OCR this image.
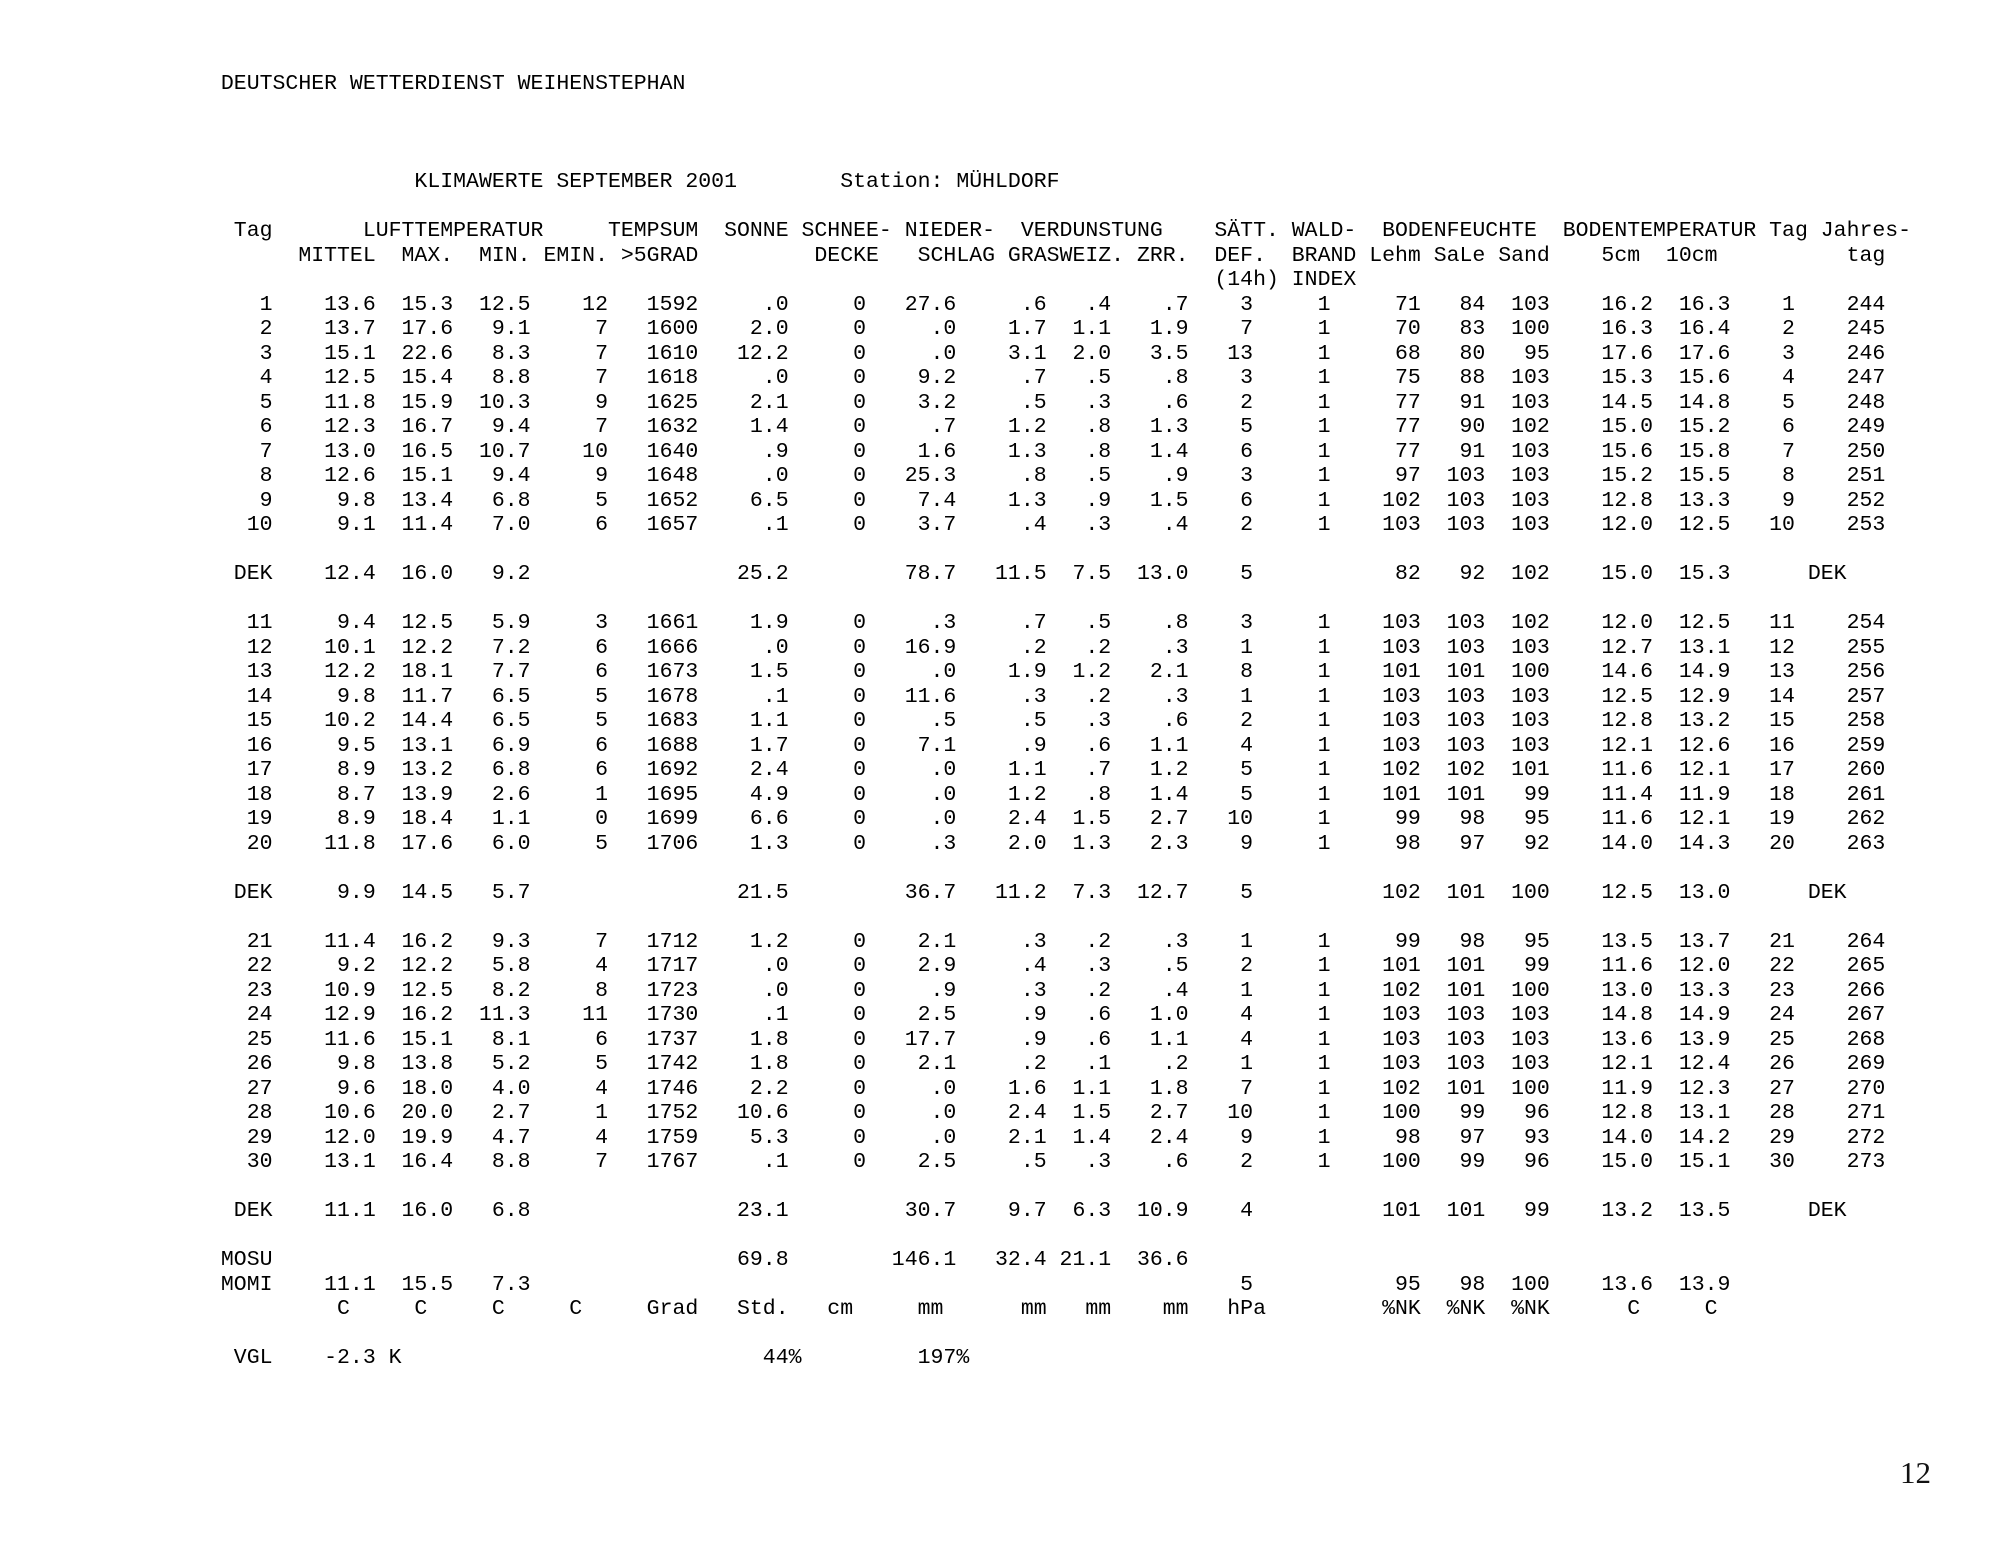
DEUTSCHER WETTERDIENST WEIHENSTEPHAN
KLIMAWERTE SEPTEMBER 2001        Station: MÜHLDORF
Tag       LUFTTEMPERATUR     TEMPSUM  SONNE SCHNEE- NIEDER-  VERDUNSTUNG    SÄTT. WALD-  BODENFEUCHTE  BODENTEMPERATUR Tag Jahres-
MITTEL  MAX.  MIN. EMIN. >5GRAD         DECKE   SCHLAG GRASWEIZ. ZRR.  DEF.  BRAND Lehm SaLe Sand    5cm  10cm          tag
(14h) INDEX
1    13.6  15.3  12.5    12   1592     .0     0   27.6     .6   .4    .7    3     1     71   84  103    16.2  16.3    1    244
2    13.7  17.6   9.1     7   1600    2.0     0     .0    1.7  1.1   1.9    7     1     70   83  100    16.3  16.4    2    245
3    15.1  22.6   8.3     7   1610   12.2     0     .0    3.1  2.0   3.5   13     1     68   80   95    17.6  17.6    3    246
4    12.5  15.4   8.8     7   1618     .0     0    9.2     .7   .5    .8    3     1     75   88  103    15.3  15.6    4    247
5    11.8  15.9  10.3     9   1625    2.1     0    3.2     .5   .3    .6    2     1     77   91  103    14.5  14.8    5    248
6    12.3  16.7   9.4     7   1632    1.4     0     .7    1.2   .8   1.3    5     1     77   90  102    15.0  15.2    6    249
7    13.0  16.5  10.7    10   1640     .9     0    1.6    1.3   .8   1.4    6     1     77   91  103    15.6  15.8    7    250
8    12.6  15.1   9.4     9   1648     .0     0   25.3     .8   .5    .9    3     1     97  103  103    15.2  15.5    8    251
9     9.8  13.4   6.8     5   1652    6.5     0    7.4    1.3   .9   1.5    6     1    102  103  103    12.8  13.3    9    252
10     9.1  11.4   7.0     6   1657     .1     0    3.7     .4   .3    .4    2     1    103  103  103    12.0  12.5   10    253
DEK    12.4  16.0   9.2                25.2         78.7   11.5  7.5  13.0    5           82   92  102    15.0  15.3      DEK
11     9.4  12.5   5.9     3   1661    1.9     0     .3     .7   .5    .8    3     1    103  103  102    12.0  12.5   11    254
12    10.1  12.2   7.2     6   1666     .0     0   16.9     .2   .2    .3    1     1    103  103  103    12.7  13.1   12    255
13    12.2  18.1   7.7     6   1673    1.5     0     .0    1.9  1.2   2.1    8     1    101  101  100    14.6  14.9   13    256
14     9.8  11.7   6.5     5   1678     .1     0   11.6     .3   .2    .3    1     1    103  103  103    12.5  12.9   14    257
15    10.2  14.4   6.5     5   1683    1.1     0     .5     .5   .3    .6    2     1    103  103  103    12.8  13.2   15    258
16     9.5  13.1   6.9     6   1688    1.7     0    7.1     .9   .6   1.1    4     1    103  103  103    12.1  12.6   16    259
17     8.9  13.2   6.8     6   1692    2.4     0     .0    1.1   .7   1.2    5     1    102  102  101    11.6  12.1   17    260
18     8.7  13.9   2.6     1   1695    4.9     0     .0    1.2   .8   1.4    5     1    101  101   99    11.4  11.9   18    261
19     8.9  18.4   1.1     0   1699    6.6     0     .0    2.4  1.5   2.7   10     1     99   98   95    11.6  12.1   19    262
20    11.8  17.6   6.0     5   1706    1.3     0     .3    2.0  1.3   2.3    9     1     98   97   92    14.0  14.3   20    263
DEK     9.9  14.5   5.7                21.5         36.7   11.2  7.3  12.7    5          102  101  100    12.5  13.0      DEK
21    11.4  16.2   9.3     7   1712    1.2     0    2.1     .3   .2    .3    1     1     99   98   95    13.5  13.7   21    264
22     9.2  12.2   5.8     4   1717     .0     0    2.9     .4   .3    .5    2     1    101  101   99    11.6  12.0   22    265
23    10.9  12.5   8.2     8   1723     .0     0     .9     .3   .2    .4    1     1    102  101  100    13.0  13.3   23    266
24    12.9  16.2  11.3    11   1730     .1     0    2.5     .9   .6   1.0    4     1    103  103  103    14.8  14.9   24    267
25    11.6  15.1   8.1     6   1737    1.8     0   17.7     .9   .6   1.1    4     1    103  103  103    13.6  13.9   25    268
26     9.8  13.8   5.2     5   1742    1.8     0    2.1     .2   .1    .2    1     1    103  103  103    12.1  12.4   26    269
27     9.6  18.0   4.0     4   1746    2.2     0     .0    1.6  1.1   1.8    7     1    102  101  100    11.9  12.3   27    270
28    10.6  20.0   2.7     1   1752   10.6     0     .0    2.4  1.5   2.7   10     1    100   99   96    12.8  13.1   28    271
29    12.0  19.9   4.7     4   1759    5.3     0     .0    2.1  1.4   2.4    9     1     98   97   93    14.0  14.2   29    272
30    13.1  16.4   8.8     7   1767     .1     0    2.5     .5   .3    .6    2     1    100   99   96    15.0  15.1   30    273
DEK    11.1  16.0   6.8                23.1         30.7    9.7  6.3  10.9    4          101  101   99    13.2  13.5      DEK
MOSU                                    69.8        146.1   32.4 21.1  36.6
MOMI    11.1  15.5   7.3                                                       5           95   98  100    13.6  13.9
C     C     C     C     Grad   Std.   cm     mm      mm   mm    mm   hPa         %NK  %NK  %NK      C     C
VGL    -2.3 K                            44%         197%
12
